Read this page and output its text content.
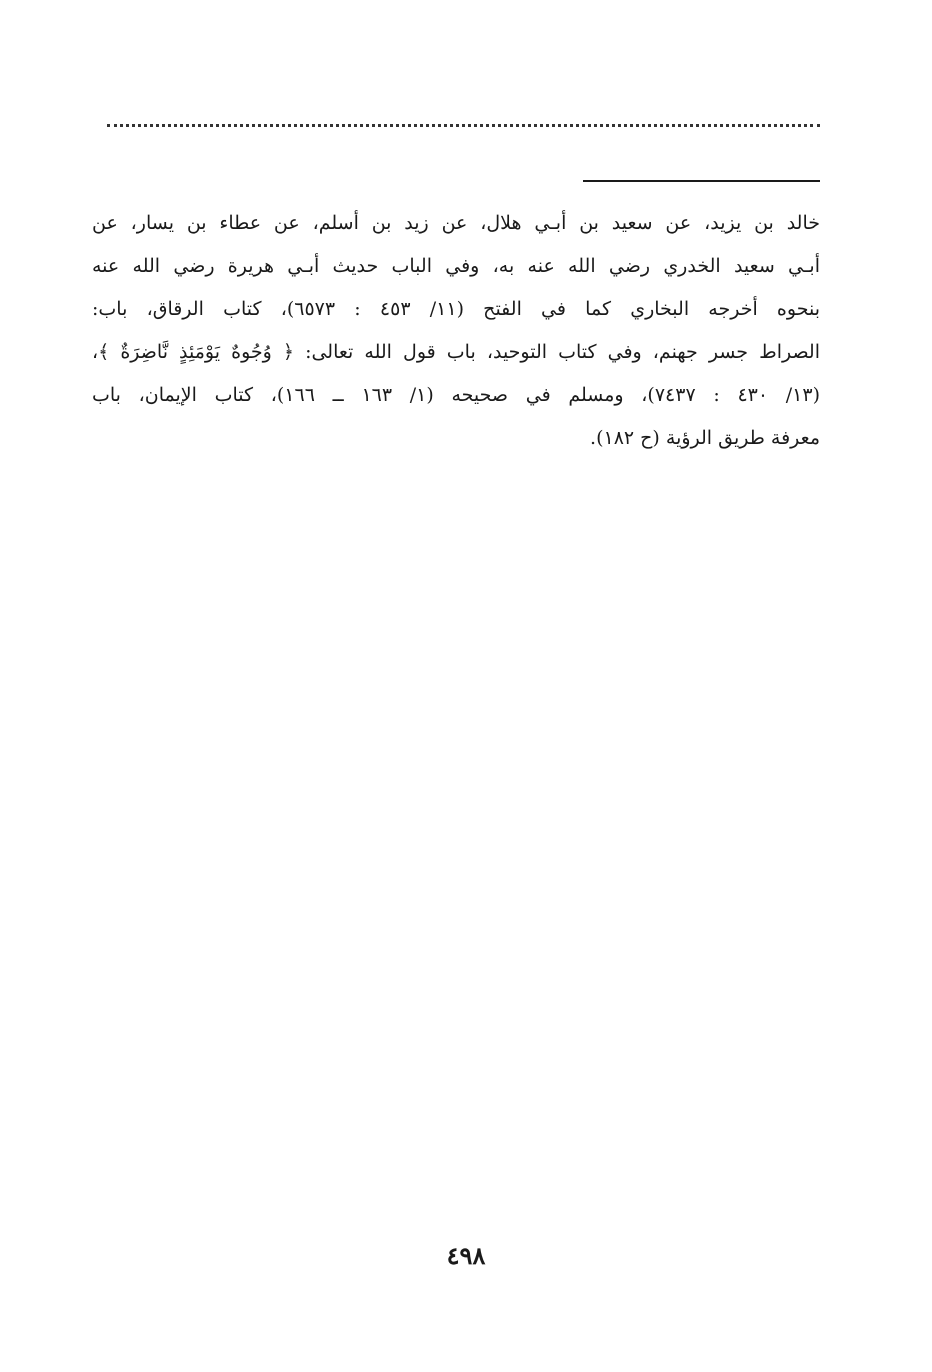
خالد بن يزيد، عن سعيد بن أبـي هلال، عن زيد بن أسلم، عن عطاء بن يسار، عن
أبـي سعيد الخدري رضي الله عنه به، وفي الباب حديث أبـي هريرة رضي الله عنه
بنحوه أخرجه البخاري كما في الفتح (١١/ ٤٥٣ : ٦٥٧٣)، كتاب الرقاق، باب:
الصراط جسر جهنم، وفي كتاب التوحيد، باب قول الله تعالى: ﴿ وُجُوهٌ يَوْمَئِذٍ نَّاضِرَةٌ ﴾،
(١٣/ ٤٣٠ : ٧٤٣٧)، ومسلم في صحيحه (١/ ١٦٣ ــ ١٦٦)، كتاب الإيمان، باب
معرفة طريق الرؤية (ح ١٨٢).
٤٩٨
